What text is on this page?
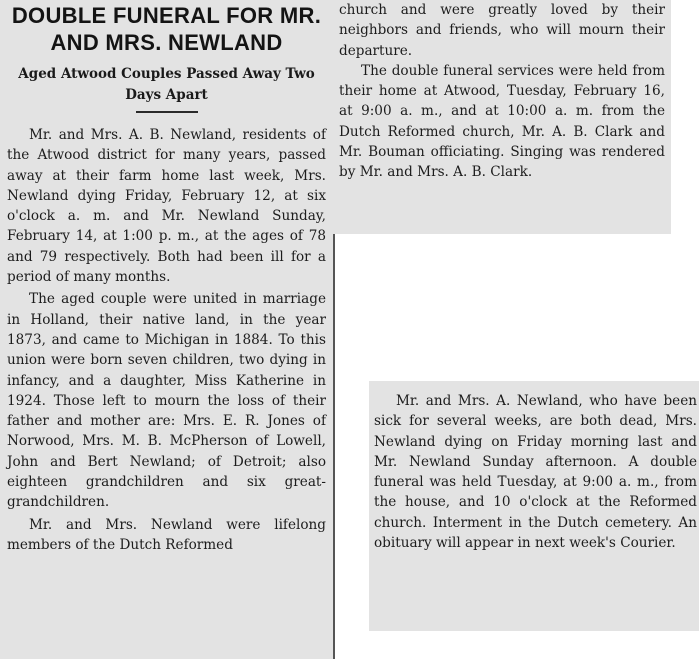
DOUBLE FUNERAL FOR MR. AND MRS. NEWLAND
Aged Atwood Couples Passed Away Two Days Apart

Mr. and Mrs. A. B. Newland, residents of the Atwood district for many years, passed away at their farm home last week, Mrs. Newland dying Friday, February 12, at six o'clock a. m. and Mr. Newland Sunday, February 14, at 1:00 p. m., at the ages of 78 and 79 respectively. Both had been ill for a period of many months.

The aged couple were united in marriage in Holland, their native land, in the year 1873, and came to Michigan in 1884. To this union were born seven children, two dying in infancy, and a daughter, Miss Katherine in 1924. Those left to mourn the loss of their father and mother are: Mrs. E. R. Jones of Norwood, Mrs. M. B. McPherson of Lowell, John and Bert Newland; of Detroit; also eighteen grandchildren and six great-grandchildren.

Mr. and Mrs. Newland were lifelong members of the Dutch Reformed

church and were greatly loved by their neighbors and friends, who will mourn their departure.

The double funeral services were held from their home at Atwood, Tuesday, February 16, at 9:00 a. m., and at 10:00 a. m. from the Dutch Reformed church, Mr. A. B. Clark and Mr. Bouman officiating. Singing was rendered by Mr. and Mrs. A. B. Clark.

Mr. and Mrs. A. Newland, who have been sick for several weeks, are both dead, Mrs. Newland dying on Friday morning last and Mr. Newland Sunday afternoon. A double funeral was held Tuesday, at 9:00 a. m., from the house, and 10 o'clock at the Reformed church. Interment in the Dutch cemetery. An obituary will appear in next week's Courier.
